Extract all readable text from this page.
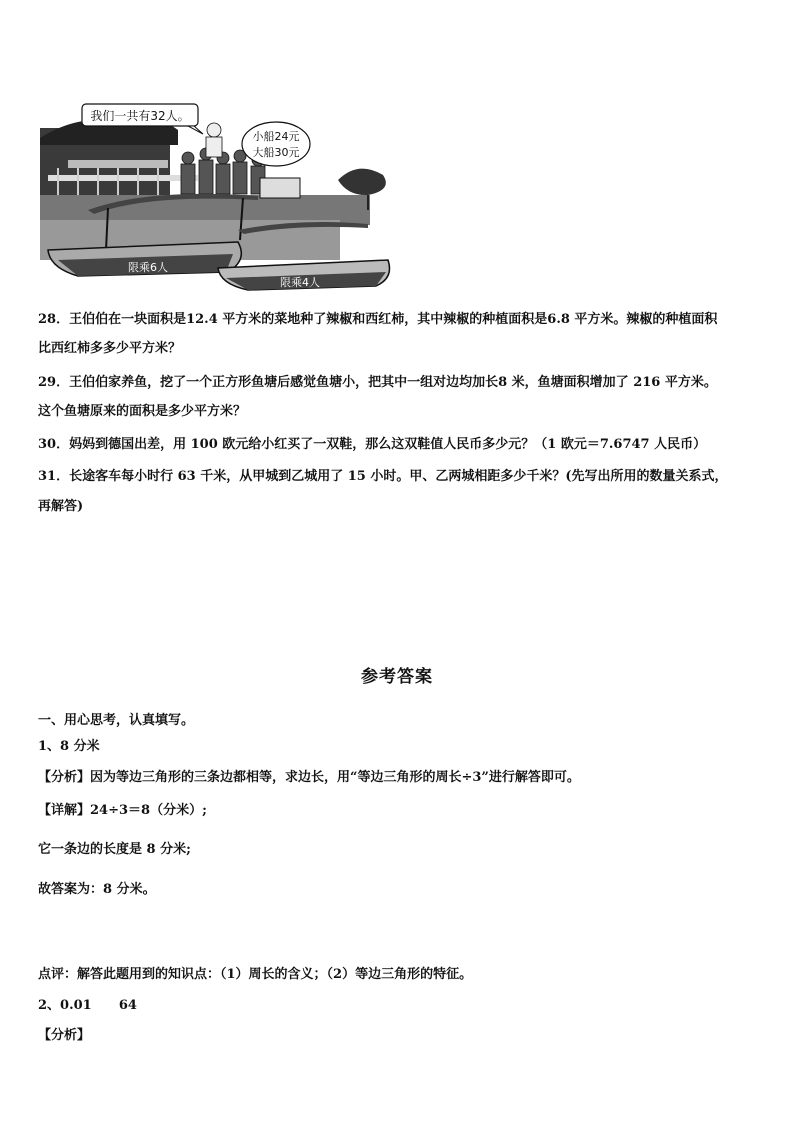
我们一共有32人。
小船24元
大船30元
限乘6人
限乘4人
28．王伯伯在一块面积是12.4 平方米的菜地种了辣椒和西红柿，其中辣椒的种植面积是6.8 平方米。辣椒的种植面积
比西红柿多多少平方米？
29．王伯伯家养鱼，挖了一个正方形鱼塘后感觉鱼塘小，把其中一组对边均加长8 米，鱼塘面积增加了 216 平方米。
这个鱼塘原来的面积是多少平方米？
30．妈妈到德国出差，用 100 欧元给小红买了一双鞋，那么这双鞋值人民币多少元？（1 欧元＝7.6747 人民币）
31．长途客车每小时行 63 千米，从甲城到乙城用了 15 小时。甲、乙两城相距多少千米？(先写出所用的数量关系式，
再解答)
参考答案
一、用心思考，认真填写。
1、8 分米
【分析】因为等边三角形的三条边都相等，求边长，用“等边三角形的周长÷3”进行解答即可。
【详解】24÷3＝8（分米）;
它一条边的长度是 8 分米;
故答案为：8 分米。
点评：解答此题用到的知识点：（1）周长的含义；（2）等边三角形的特征。
2、0.01      64
【分析】
